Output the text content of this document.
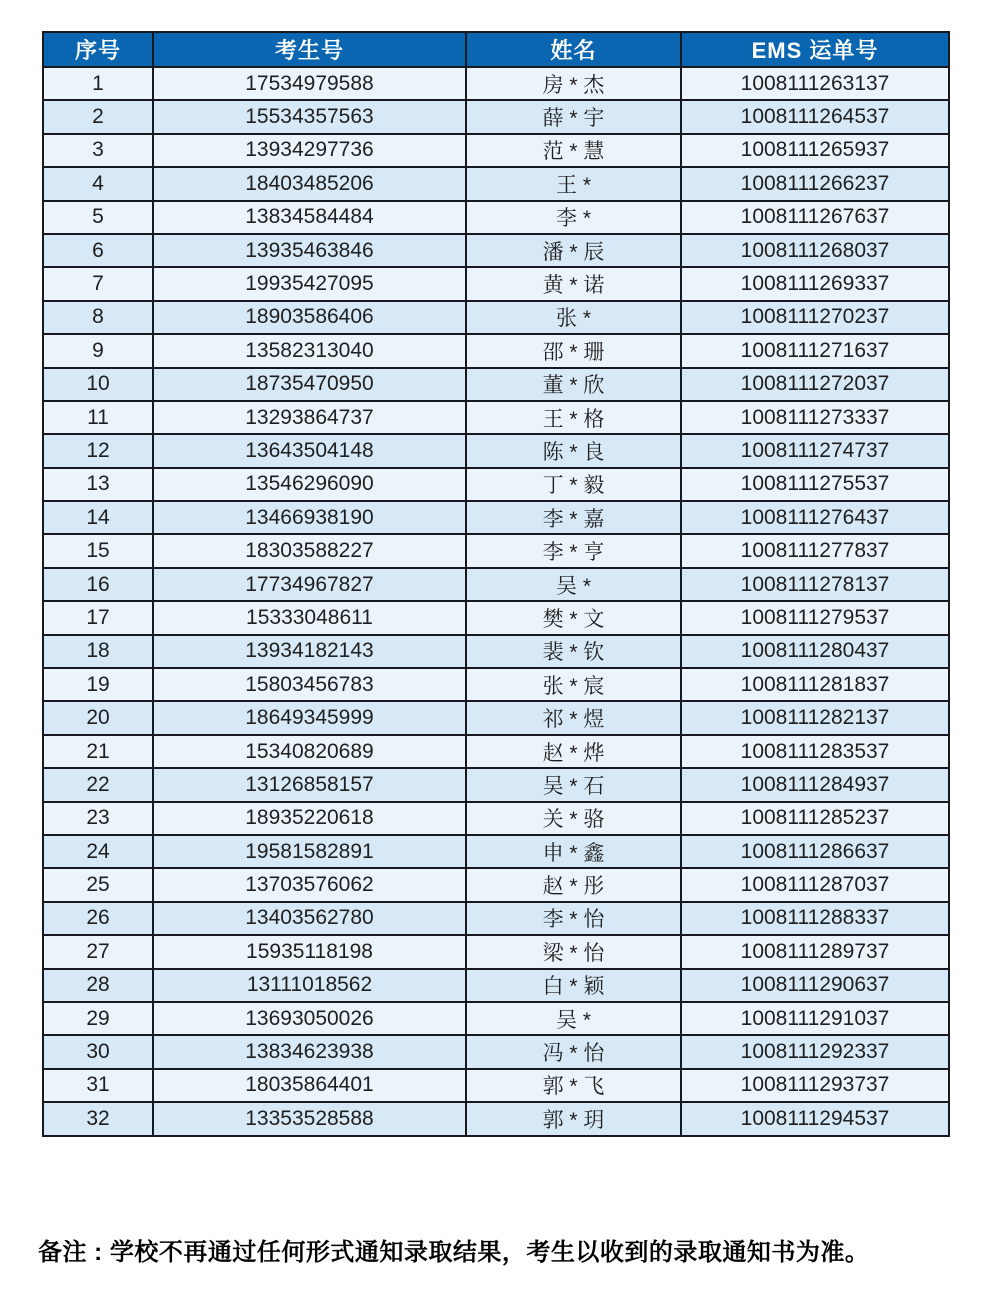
序号	考生号	姓名	EMS 运单号
1	17534979588	房 * 杰	1008111263137
2	15534357563	薛 * 宇	1008111264537
3	13934297736	范 * 慧	1008111265937
4	18403485206	王 *	1008111266237
5	13834584484	李 *	1008111267637
6	13935463846	潘 * 辰	1008111268037
7	19935427095	黄 * 诺	1008111269337
8	18903586406	张 *	1008111270237
9	13582313040	邵 * 珊	1008111271637
10	18735470950	董 * 欣	1008111272037
11	13293864737	王 * 格	1008111273337
12	13643504148	陈 * 良	1008111274737
13	13546296090	丁 * 毅	1008111275537
14	13466938190	李 * 嘉	1008111276437
15	18303588227	李 * 亨	1008111277837
16	17734967827	吴 *	1008111278137
17	15333048611	樊 * 文	1008111279537
18	13934182143	裴 * 钦	1008111280437
19	15803456783	张 * 宸	1008111281837
20	18649345999	祁 * 煜	1008111282137
21	15340820689	赵 * 烨	1008111283537
22	13126858157	吴 * 石	1008111284937
23	18935220618	关 * 骆	1008111285237
24	19581582891	申 * 鑫	1008111286637
25	13703576062	赵 * 彤	1008111287037
26	13403562780	李 * 怡	1008111288337
27	15935118198	梁 * 怡	1008111289737
28	13111018562	白 * 颖	1008111290637
29	13693050026	吴 *	1008111291037
30	13834623938	冯 * 怡	1008111292337
31	18035864401	郭 * 飞	1008111293737
32	13353528588	郭 * 玥	1008111294537

备注 : 学校不再通过任何形式通知录取结果，考生以收到的录取通知书为准。
